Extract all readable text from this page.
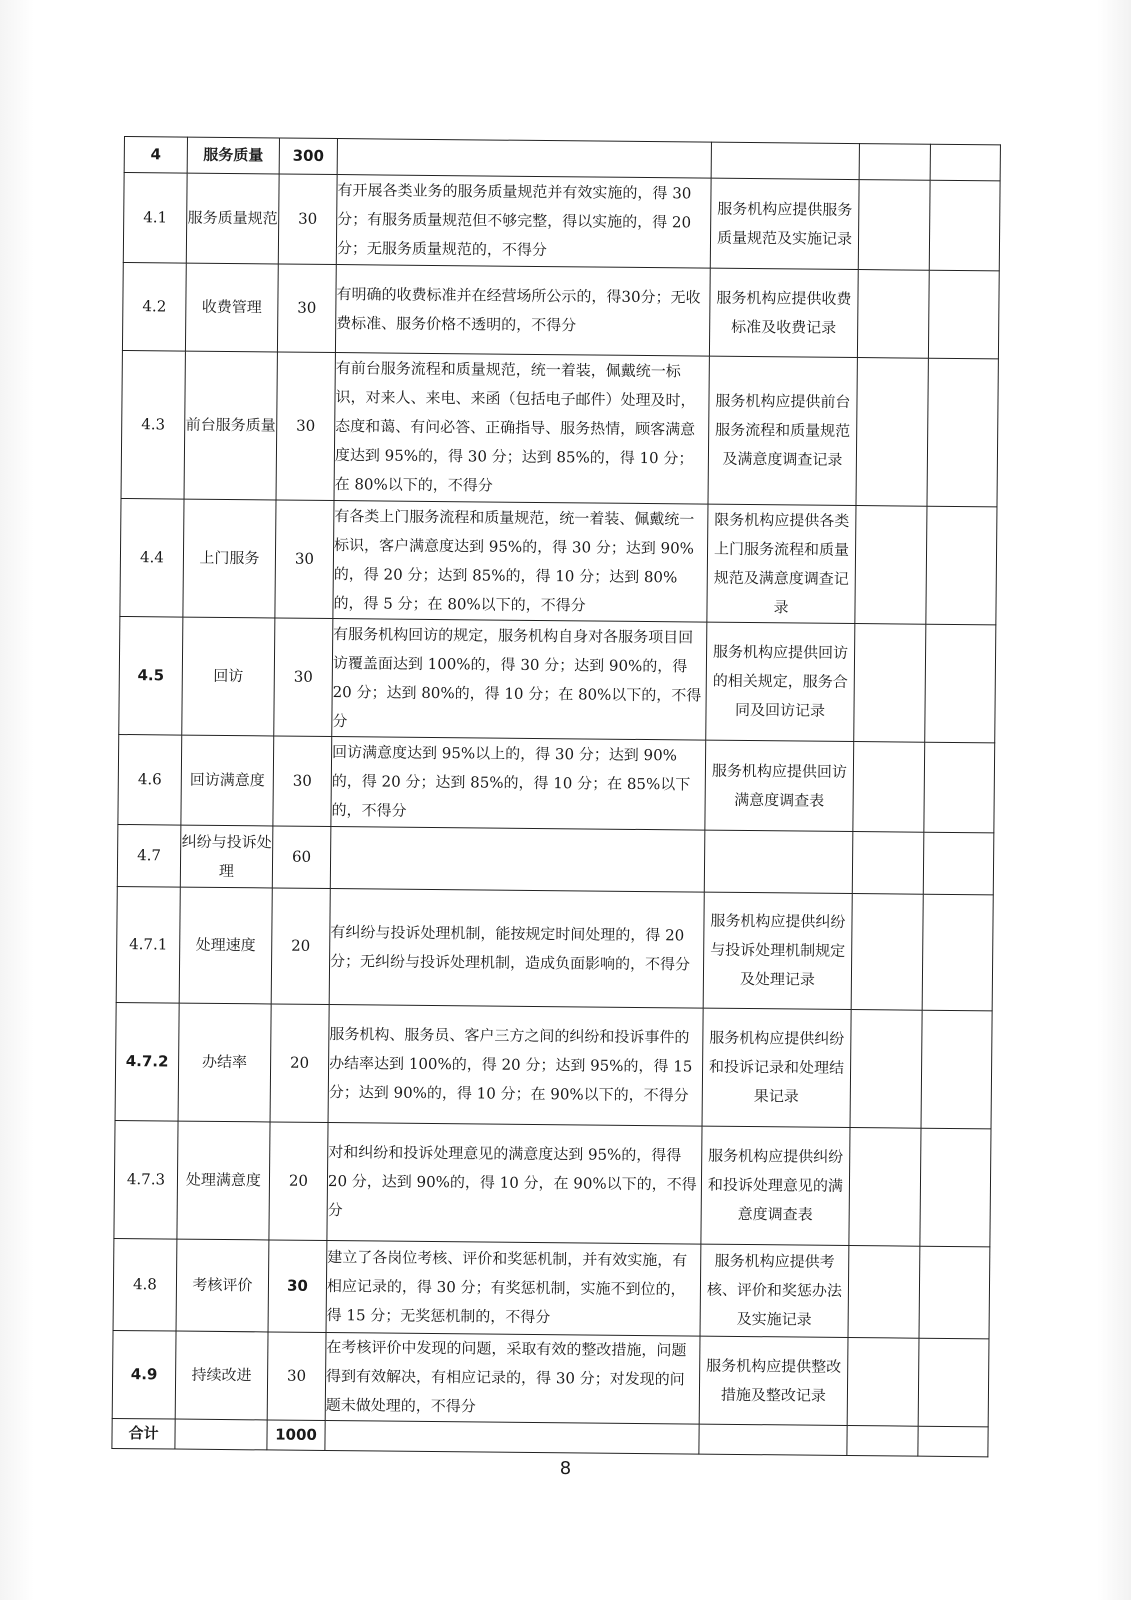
4	服务质量	300				
4.1	服务质量规范	30	有开展各类业务的服务质量规范并有效实施的，得 30 分；有服务质量规范但不够完整，得以实施的，得 20 分；无服务质量规范的，不得分	服务机构应提供服务质量规范及实施记录		
4.2	收费管理	30	有明确的收费标准并在经营场所公示的，得30分；无收费标准、服务价格不透明的，不得分	服务机构应提供收费标准及收费记录		
4.3	前台服务质量	30	有前台服务流程和质量规范，统一着装，佩戴统一标识，对来人、来电、来函（包括电子邮件）处理及时，态度和蔼、有问必答、正确指导、服务热情，顾客满意度达到 95%的，得 30 分；达到 85%的，得 10 分；在 80%以下的，不得分	服务机构应提供前台服务流程和质量规范及满意度调查记录		
4.4	上门服务	30	有各类上门服务流程和质量规范，统一着装、佩戴统一标识，客户满意度达到 95%的，得 30 分；达到 90%的，得 20 分；达到 85%的，得 10 分；达到 80%的，得 5 分；在 80%以下的，不得分	限务机构应提供各类上门服务流程和质量规范及满意度调查记录		
4.5	回访	30	有服务机构回访的规定，服务机构自身对各服务项目回访覆盖面达到 100%的，得 30 分；达到 90%的，得 20 分；达到 80%的，得 10 分；在 80%以下的，不得分	服务机构应提供回访的相关规定，服务合同及回访记录		
4.6	回访满意度	30	回访满意度达到 95%以上的，得 30 分；达到 90%的，得 20 分；达到 85%的，得 10 分；在 85%以下的，不得分	服务机构应提供回访满意度调查表		
4.7	纠纷与投诉处理	60				
4.7.1	处理速度	20	有纠纷与投诉处理机制，能按规定时间处理的，得 20 分；无纠纷与投诉处理机制，造成负面影响的，不得分	服务机构应提供纠纷与投诉处理机制规定及处理记录		
4.7.2	办结率	20	服务机构、服务员、客户三方之间的纠纷和投诉事件的办结率达到 100%的，得 20 分；达到 95%的，得 15 分；达到 90%的，得 10 分；在 90%以下的，不得分	服务机构应提供纠纷和投诉记录和处理结果记录		
4.7.3	处理满意度	20	对和纠纷和投诉处理意见的满意度达到 95%的，得得 20 分，达到 90%的，得 10 分，在 90%以下的，不得分	服务机构应提供纠纷和投诉处理意见的满意度调查表		
4.8	考核评价	30	建立了各岗位考核、评价和奖惩机制，并有效实施，有相应记录的，得 30 分；有奖惩机制，实施不到位的，得 15 分；无奖惩机制的，不得分	服务机构应提供考核、评价和奖惩办法及实施记录		
4.9	持续改进	30	在考核评价中发现的问题，采取有效的整改措施，问题得到有效解决，有相应记录的，得 30 分；对发现的问题未做处理的，不得分	服务机构应提供整改措施及整改记录		
合计		1000				
8
